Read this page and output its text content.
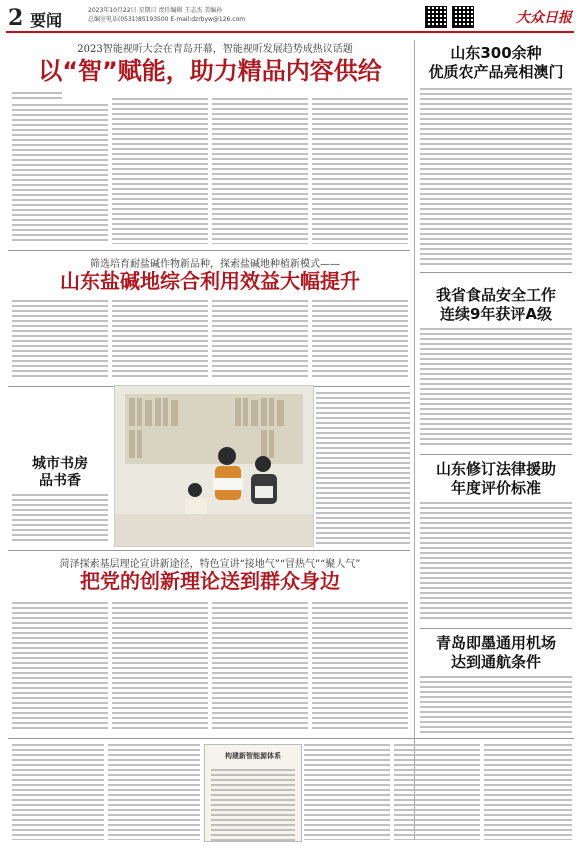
2 要闻
2023年10月22日 星期日 责任编辑 王志杰 美编孙
总编室电话(0531)85193500 E-mail:dzrbyw@126.com	大众日报
2023智能视听大会在青岛开幕，智能视听发展趋势成热议话题
以“智”赋能，助力精品内容供给
山东300余种
优质农产品亮相澳门
筛选培育耐盐碱作物新品种，探索盐碱地种植新模式——
山东盐碱地综合利用效益大幅提升
我省食品安全工作
连续9年获评A级
城市书房
品书香
山东修订法律援助
年度评价标准
菏泽探索基层理论宣讲新途径，特色宣讲“接地气”“冒热气”“聚人气”
把党的创新理论送到群众身边
青岛即墨通用机场
达到通航条件
构建新智能源体系
